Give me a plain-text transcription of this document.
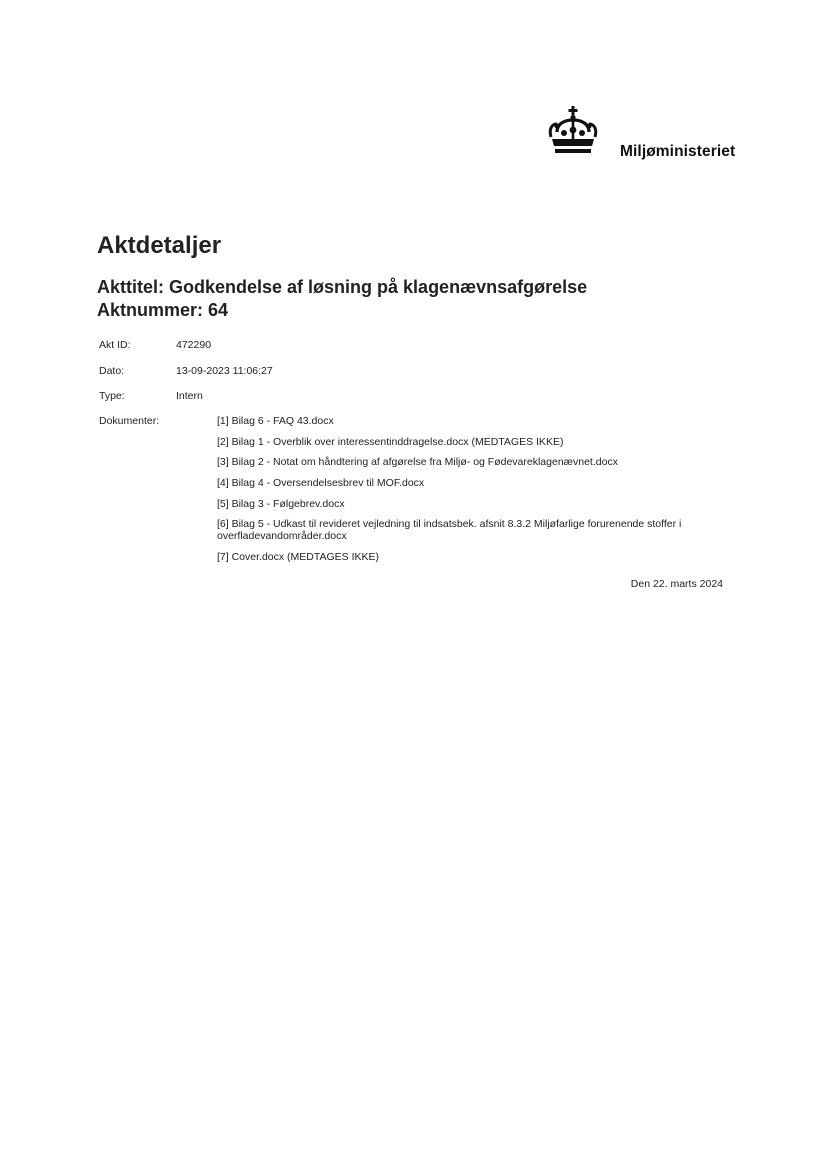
Miljøministeriet
Aktdetaljer
Akttitel: Godkendelse af løsning på klagenævnsafgørelse
Aktnummer: 64
Akt ID:	472290
Dato:	13-09-2023 11:06:27
Type:	Intern
Dokumenter:	[1] Bilag 6 - FAQ 43.docx
[2] Bilag 1 - Overblik over interessentinddragelse.docx (MEDTAGES IKKE)
[3] Bilag 2 - Notat om håndtering af afgørelse fra Miljø- og Fødevareklagenævnet.docx
[4] Bilag 4 - Oversendelsesbrev til MOF.docx
[5] Bilag 3 - Følgebrev.docx
[6] Bilag 5 - Udkast til revideret vejledning til indsatsbek. afsnit 8.3.2 Miljøfarlige forurenende stoffer i overfladevandområder.docx
[7] Cover.docx (MEDTAGES IKKE)
Den 22. marts 2024
